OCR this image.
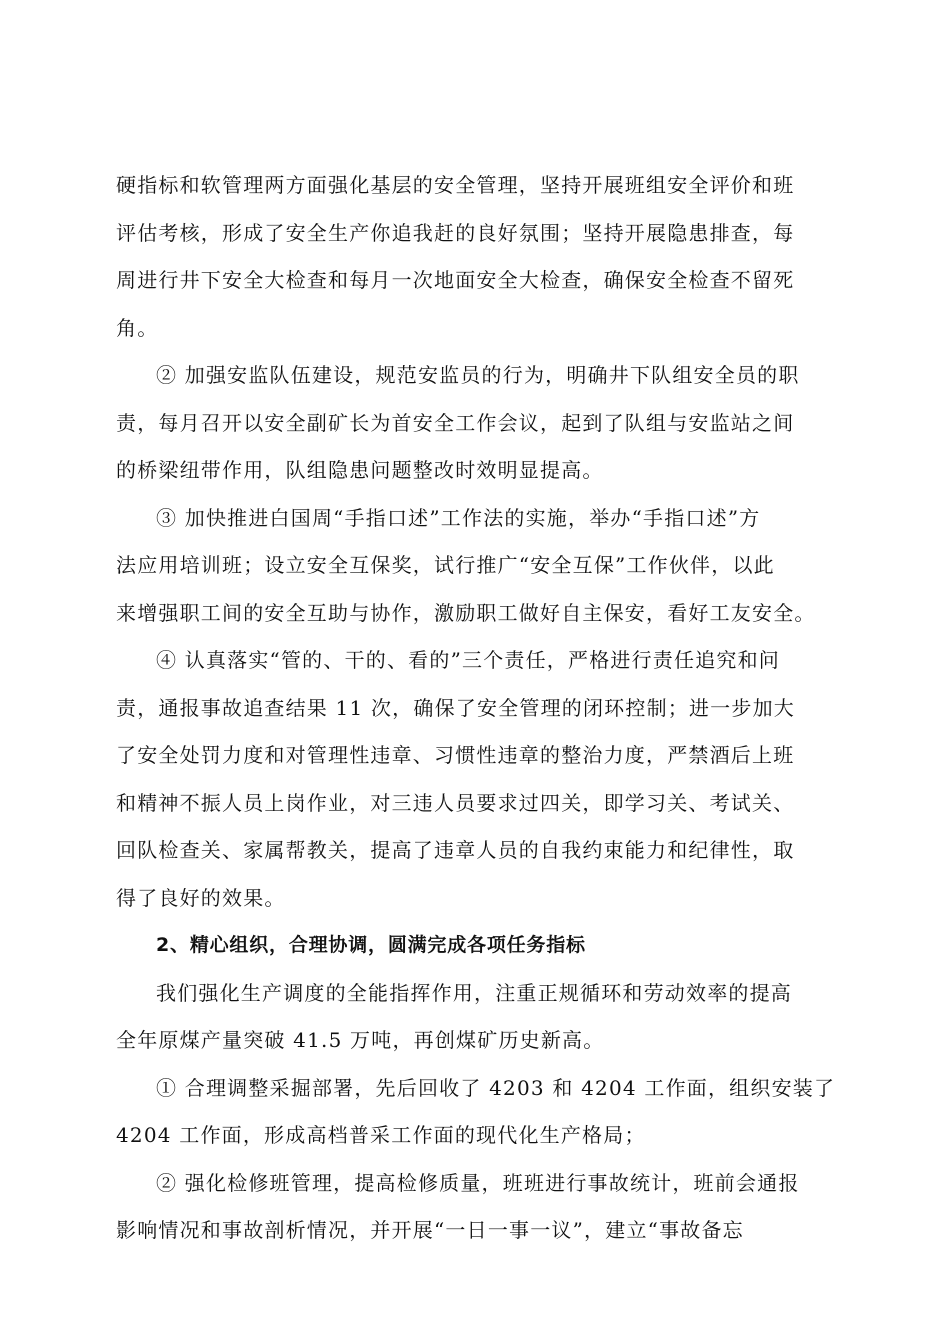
硬指标和软管理两方面强化基层的安全管理，坚持开展班组安全评价和班
评估考核，形成了安全生产你追我赶的良好氛围；坚持开展隐患排查，每
周进行井下安全大检查和每月一次地面安全大检查，确保安全检查不留死
角。
② 加强安监队伍建设，规范安监员的行为，明确井下队组安全员的职
责，每月召开以安全副矿长为首安全工作会议，起到了队组与安监站之间
的桥梁纽带作用，队组隐患问题整改时效明显提高。
③ 加快推进白国周“手指口述”工作法的实施，举办“手指口述”方
法应用培训班；设立安全互保奖，试行推广“安全互保”工作伙伴，以此
来增强职工间的安全互助与协作，激励职工做好自主保安，看好工友安全。
④ 认真落实“管的、干的、看的”三个责任，严格进行责任追究和问
责，通报事故追查结果 11 次，确保了安全管理的闭环控制；进一步加大
了安全处罚力度和对管理性违章、习惯性违章的整治力度，严禁酒后上班
和精神不振人员上岗作业，对三违人员要求过四关，即学习关、考试关、
回队检查关、家属帮教关，提高了违章人员的自我约束能力和纪律性，取
得了良好的效果。
2、精心组织，合理协调，圆满完成各项任务指标
我们强化生产调度的全能指挥作用，注重正规循环和劳动效率的提高
全年原煤产量突破 41.5 万吨，再创煤矿历史新高。
① 合理调整采掘部署，先后回收了 4203 和 4204 工作面，组织安装了
4204 工作面，形成高档普采工作面的现代化生产格局；
② 强化检修班管理，提高检修质量，班班进行事故统计，班前会通报
影响情况和事故剖析情况，并开展“一日一事一议”，建立“事故备忘
